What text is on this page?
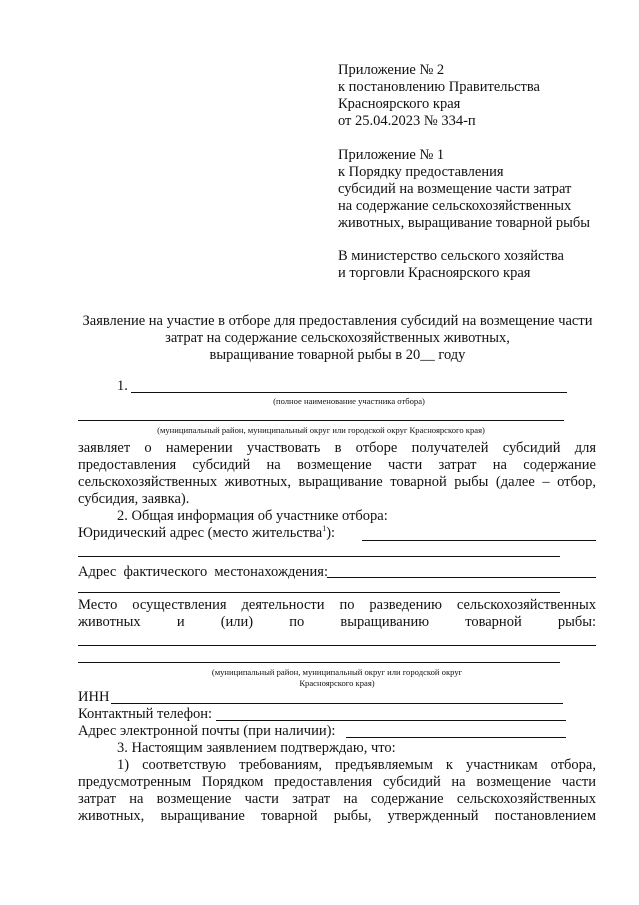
Приложение № 2
к постановлению Правительства
Красноярского края
от 25.04.2023 № 334-п
Приложение № 1
к Порядку предоставления
субсидий на возмещение части затрат
на содержание сельскохозяйственных
животных, выращивание товарной рыбы
В министерство сельского хозяйства
и торговли Красноярского края
Заявление на участие в отборе для предоставления субсидий на возмещение части
затрат на содержание сельскохозяйственных животных,
выращивание товарной рыбы в 20__ году
1.
(полное наименование участника отбора)
(муниципальный район, муниципальный округ или городской округ Красноярского края)
заявляет о намерении участвовать в отборе получателей субсидий для
предоставления субсидий на возмещение части затрат на содержание
сельскохозяйственных животных, выращивание товарной рыбы (далее – отбор,
субсидия, заявка).
2. Общая информация об участнике отбора:
Юридический адрес (место жительства$^1$):
Адрес фактического местонахождения:
Место осуществления деятельности по разведению сельскохозяйственных
животных и (или) по выращиванию товарной рыбы:
(муниципальный район, муниципальный округ или городской округ
Красноярского края)
ИНН
Контактный телефон:
Адрес электронной почты (при наличии):
3. Настоящим заявлением подтверждаю, что:
1) соответствую требованиям, предъявляемым к участникам отбора,
предусмотренным Порядком предоставления субсидий на возмещение части
затрат на возмещение части затрат на содержание сельскохозяйственных
животных, выращивание товарной рыбы, утвержденный постановлением
